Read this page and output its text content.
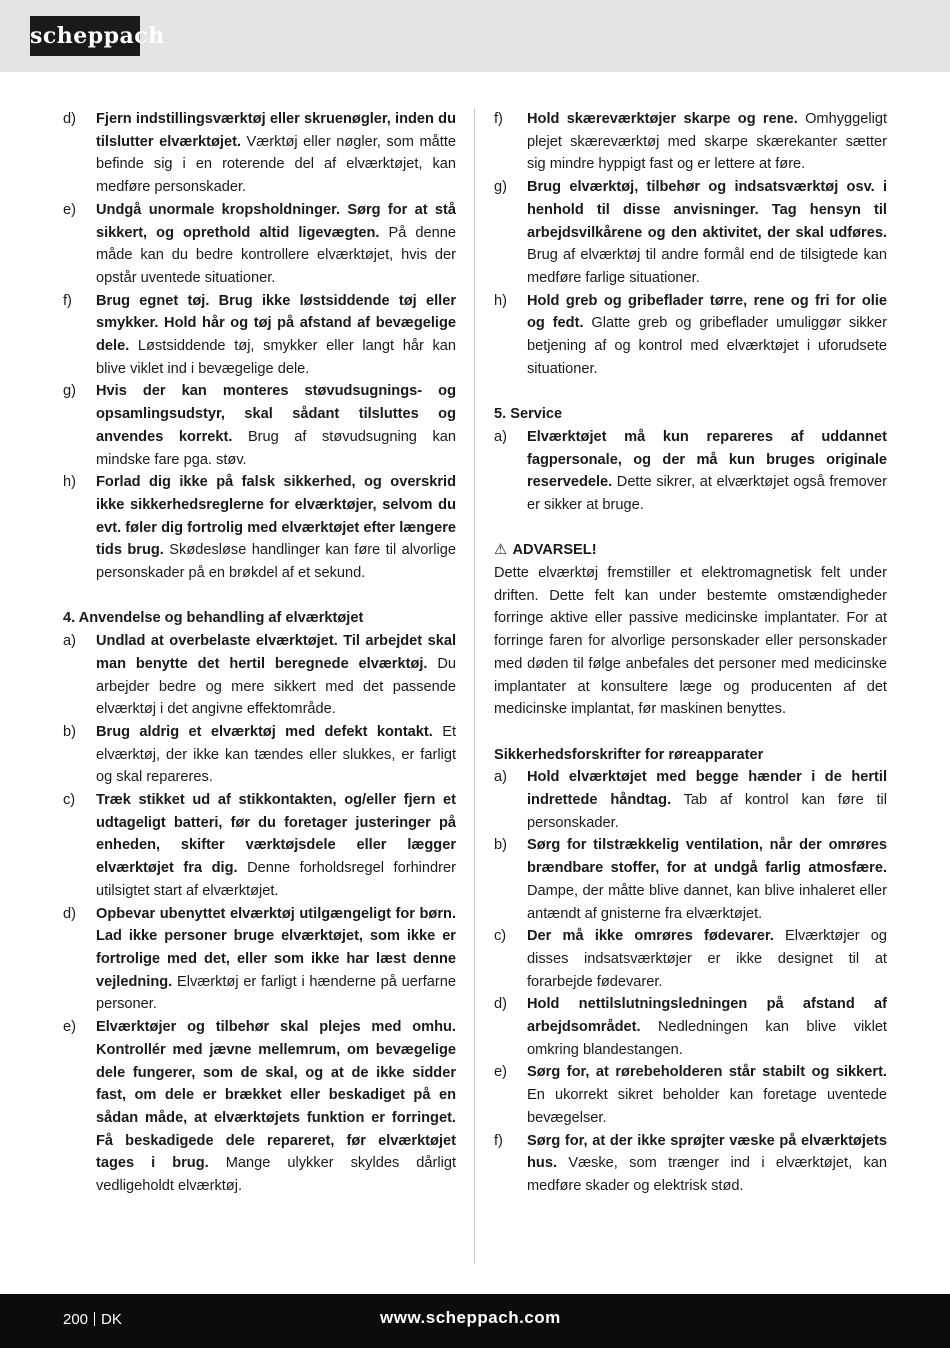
scheppach
d)	Fjern indstillingsværktøj eller skruenøgler, inden du tilslutter elværktøjet. Værktøj eller nøgler, som måtte befinde sig i en roterende del af elværktøjet, kan medføre personskader.
e)	Undgå unormale kropsholdninger. Sørg for at stå sikkert, og oprethold altid ligevægten. På denne måde kan du bedre kontrollere elværktøjet, hvis der opstår uventede situationer.
f)	Brug egnet tøj. Brug ikke løstsiddende tøj eller smykker. Hold hår og tøj på afstand af bevægelige dele. Løstsiddende tøj, smykker eller langt hår kan blive viklet ind i bevægelige dele.
g)	Hvis der kan monteres støvudsugnings- og opsamlingsudstyr, skal sådant tilsluttes og anvendes korrekt. Brug af støvudsugning kan mindske fare pga. støv.
h)	Forlad dig ikke på falsk sikkerhed, og overskrid ikke sikkerhedsreglerne for elværktøjer, selvom du evt. føler dig fortrolig med elværktøjet efter længere tids brug. Skødesløse handlinger kan føre til alvorlige personskader på en brøkdel af et sekund.
4. Anvendelse og behandling af elværktøjet
a)	Undlad at overbelaste elværktøjet. Til arbejdet skal man benytte det hertil beregnede elværktøj. Du arbejder bedre og mere sikkert med det passende elværktøj i det angivne effektområde.
b)	Brug aldrig et elværktøj med defekt kontakt. Et elværktøj, der ikke kan tændes eller slukkes, er farligt og skal repareres.
c)	Træk stikket ud af stikkontakten, og/eller fjern et udtageligt batteri, før du foretager justeringer på enheden, skifter værktøjsdele eller lægger elværktøjet fra dig. Denne forholdsregel forhindrer utilsigtet start af elværktøjet.
d)	Opbevar ubenyttet elværktøj utilgængeligt for børn. Lad ikke personer bruge elværktøjet, som ikke er fortrolige med det, eller som ikke har læst denne vejledning. Elværktøj er farligt i hænderne på uerfarne personer.
e)	Elværktøjer og tilbehør skal plejes med omhu. Kontrollér med jævne mellemrum, om bevægelige dele fungerer, som de skal, og at de ikke sidder fast, om dele er brækket eller beskadiget på en sådan måde, at elværktøjets funktion er forringet. Få beskadigede dele repareret, før elværktøjet tages i brug. Mange ulykker skyldes dårligt vedligeholdt elværktøj.
f)	Hold skæreværktøjer skarpe og rene. Omhyggeligt plejet skæreværktøj med skarpe skærekanter sætter sig mindre hyppigt fast og er lettere at føre.
g)	Brug elværktøj, tilbehør og indsatsværktøj osv. i henhold til disse anvisninger. Tag hensyn til arbejdsvilkårene og den aktivitet, der skal udføres. Brug af elværktøj til andre formål end de tilsigtede kan medføre farlige situationer.
h)	Hold greb og gribeflader tørre, rene og fri for olie og fedt. Glatte greb og gribeflader umuliggør sikker betjening af og kontrol med elværktøjet i uforudsete situationer.
5. Service
a)	Elværktøjet må kun repareres af uddannet fagpersonale, og der må kun bruges originale reservedele. Dette sikrer, at elværktøjet også fremover er sikker at bruge.
⚠ ADVARSEL!
Dette elværktøj fremstiller et elektromagnetisk felt under driften. Dette felt kan under bestemte omstændigheder forringe aktive eller passive medicinske implantater. For at forringe faren for alvorlige personskader eller personskader med døden til følge anbefales det personer med medicinske implantater at konsultere læge og producenten af det medicinske implantat, før maskinen benyttes.
Sikkerhedsforskrifter for røreapparater
a)	Hold elværktøjet med begge hænder i de hertil indrettede håndtag. Tab af kontrol kan føre til personskader.
b)	Sørg for tilstrækkelig ventilation, når der omrøres brændbare stoffer, for at undgå farlig atmosfære. Dampe, der måtte blive dannet, kan blive inhaleret eller antændt af gnisterne fra elværktøjet.
c)	Der må ikke omrøres fødevarer. Elværktøjer og disses indsatsværktøjer er ikke designet til at forarbejde fødevarer.
d)	Hold nettilslutningsledningen på afstand af arbejdsområdet. Nedledningen kan blive viklet omkring blandestangen.
e)	Sørg for, at rørebeholderen står stabilt og sikkert. En ukorrekt sikret beholder kan foretage uventede bevægelser.
f)	Sørg for, at der ikke sprøjter væske på elværktøjets hus. Væske, som trænger ind i elværktøjet, kan medføre skader og elektrisk stød.
200 DK	www.scheppach.com
